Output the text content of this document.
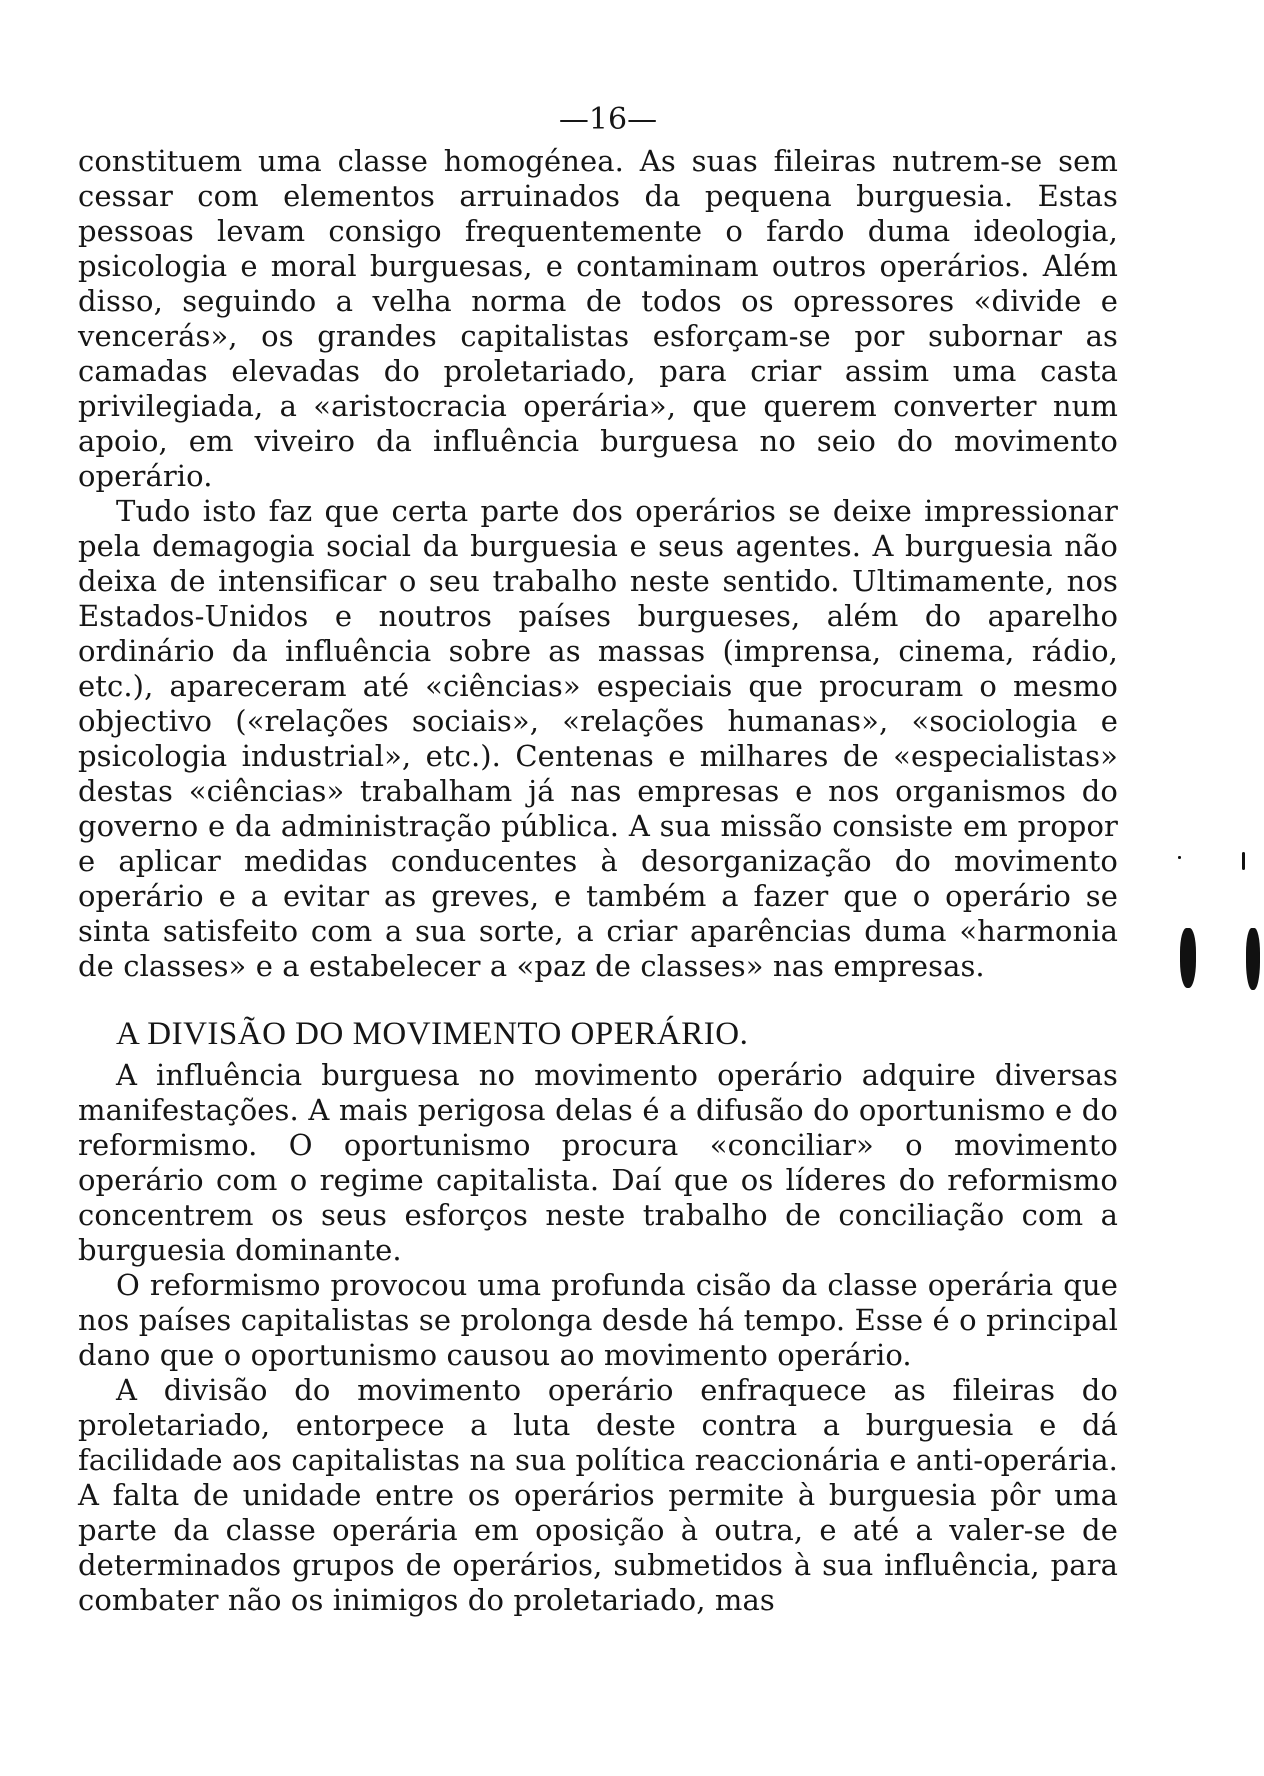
—16—

constituem uma classe homogénea. As suas fileiras nutrem-se sem cessar com elementos arruinados da pequena burguesia. Estas pessoas levam consigo frequentemente o fardo duma ideologia, psicologia e moral burguesas, e contaminam outros operários. Além disso, seguindo a velha norma de todos os opressores «divide e vencerás», os grandes capitalistas esforçam-se por subornar as camadas elevadas do proletariado, para criar assim uma casta privilegiada, a «aristocracia operária», que querem converter num apoio, em viveiro da influência burguesa no seio do movimento operário.

Tudo isto faz que certa parte dos operários se deixe impressionar pela demagogia social da burguesia e seus agentes. A burguesia não deixa de intensificar o seu trabalho neste sentido. Ultimamente, nos Estados-Unidos e noutros países burgueses, além do aparelho ordinário da influência sobre as massas (imprensa, cinema, rádio, etc.), apareceram até «ciências» especiais que procuram o mesmo objectivo («relações sociais», «relações humanas», «sociologia e psicologia industrial», etc.). Centenas e milhares de «especialistas» destas «ciências» trabalham já nas empresas e nos organismos do governo e da administração pública. A sua missão consiste em propor e aplicar medidas conducentes à desorganização do movimento operário e a evitar as greves, e também a fazer que o operário se sinta satisfeito com a sua sorte, a criar aparências duma «harmonia de classes» e a estabelecer a «paz de classes» nas empresas.

A DIVISÃO DO MOVIMENTO OPERÁRIO.

A influência burguesa no movimento operário adquire diversas manifestações. A mais perigosa delas é a difusão do oportunismo e do reformismo. O oportunismo procura «conciliar» o movimento operário com o regime capitalista. Daí que os líderes do reformismo concentrem os seus esforços neste trabalho de conciliação com a burguesia dominante.

O reformismo provocou uma profunda cisão da classe operária que nos países capitalistas se prolonga desde há tempo. Esse é o principal dano que o oportunismo causou ao movimento operário.

A divisão do movimento operário enfraquece as fileiras do proletariado, entorpece a luta deste contra a burguesia e dá facilidade aos capitalistas na sua política reaccionária e anti-operária. A falta de unidade entre os operários permite à burguesia pôr uma parte da classe operária em oposição à outra, e até a valer-se de determinados grupos de operários, submetidos à sua influência, para combater não os inimigos do proletariado, mas
